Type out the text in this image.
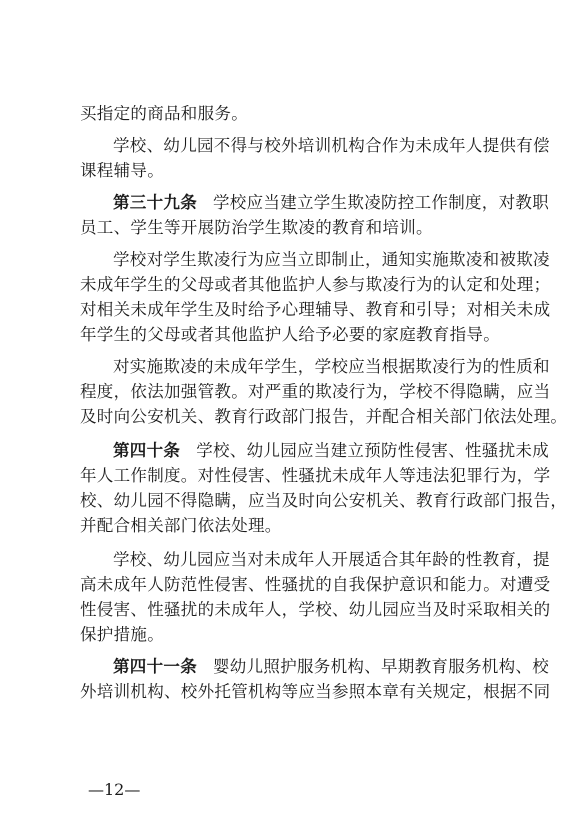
买指定的商品和服务。
学校、幼儿园不得与校外培训机构合作为未成年人提供有偿
课程辅导。
第三十九条 学校应当建立学生欺凌防控工作制度，对教职
员工、学生等开展防治学生欺凌的教育和培训。
学校对学生欺凌行为应当立即制止，通知实施欺凌和被欺凌
未成年学生的父母或者其他监护人参与欺凌行为的认定和处理；
对相关未成年学生及时给予心理辅导、教育和引导；对相关未成
年学生的父母或者其他监护人给予必要的家庭教育指导。
对实施欺凌的未成年学生，学校应当根据欺凌行为的性质和
程度，依法加强管教。对严重的欺凌行为，学校不得隐瞒，应当
及时向公安机关、教育行政部门报告，并配合相关部门依法处理。
第四十条 学校、幼儿园应当建立预防性侵害、性骚扰未成
年人工作制度。对性侵害、性骚扰未成年人等违法犯罪行为，学
校、幼儿园不得隐瞒，应当及时向公安机关、教育行政部门报告，
并配合相关部门依法处理。
学校、幼儿园应当对未成年人开展适合其年龄的性教育，提
高未成年人防范性侵害、性骚扰的自我保护意识和能力。对遭受
性侵害、性骚扰的未成年人，学校、幼儿园应当及时采取相关的
保护措施。
第四十一条 婴幼儿照护服务机构、早期教育服务机构、校
外培训机构、校外托管机构等应当参照本章有关规定，根据不同
—12—
